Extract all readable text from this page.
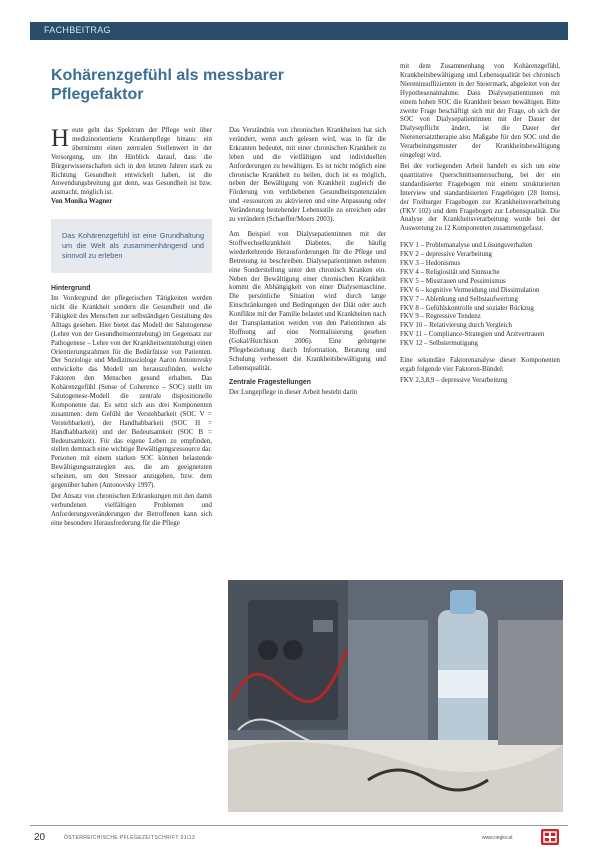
FACHBEITRAG
Kohärenzgefühl als messbarer Pflegefaktor

Heute geht das Spektrum der Pflege weit über medizinorientierte Krankenpflege hinaus: ein übernimmt einen zentralen Stellenwert in der Versorgung, um ihn Hinblick darauf, dass die Bürgerwissenschaften sich in den letzten Jahren stark zu Richtung Gesundheit entwickelt haben, ist die Anwendungsbreitung gut denn, was Gesundheit ist bzw. ausmacht, möglich ist.
Von Monika Wagner

Das Kohärenzgefühl ist eine Grundhaltung um die Welt als zusammenhängend und sinnvoll zu erleben
Hintergrund

Im Vordergrund der pflegerischen Tätigkeiten werden nicht die Krankheit sondern die Gesundheit und die Fähigkeit des Menschen zur selbständigen Gestaltung des Alltags gesehen. Hier bietet das Modell der Salutogenese (Lehre von der Gesundheitsentstehung) im Gegensatz zur Pathogenese – Lehre von der Krankheitsentstehung) einen Orientierungsrahmen für die Bedürfnisse von Patienten. Der Soziologe und Medizinsoziologe Aaron Antonovsky entwickelte das Modell um herauszufinden, welche Faktoren den Menschen gesund erhalten. Das Kohärenzgefühl (Sense of Coherence – SOC) stellt im Salutogenese-Modell die zentrale dispositionelle Komponente dar. Es setzt sich aus drei Komponenten zusammen: dem Gefühl der Verstehbarkeit (SOC V = Verstehbarkeit), der Handhabbarkeit (SOC H = Handhabbarkeit) und der Bedeutsamkeit (SOC B = Bedeutsamkeit). Für das eigene Leben zu empfinden, stellen demnach eine wichtige Bewältigungsressource dar. Personen mit einem starken SOC können belastende Bewältigungsstrategien aus, die am geeignetsten scheinen, um den Stressor anzugehen, bzw. dem gegenüber haben (Antonovsky 1997).

Der Ansatz von chronischen Erkrankungen mit den damit verbundenen vielfältigen Problemen und Anforderungsveränderungen der Betroffenen kann sich eine besondere Herausforderung für die Pflege

Das Verständnis von chronischen Krankheiten hat sich verändert, wenn auch gelesen wird, was in für die Erkranten bedeutet, mit einer chronischen Krankheit zu leben und die vielfältigen und individuellen Anforderungen zu bewältigen. Es ist nicht möglich eine chronische Krankheit zu heilen, doch ist es möglich, neben der Bewältigung von Krankheit zugleich die Förderung von verbliebenen Gesundheitspotenzialen und -ressourcen zu aktivieren und eine Anpassung oder Veränderung bestehender Lebensstile zu erreichen oder zu verändern (Schaeffer/Moers 2003).

Am Beispiel von Dialysepatientinnen mit der Stoffwechselkrankheit Diabetes, die häufig wiederkehrende Herausforderungen für die Pflege und Betreuung ist beschreiben. Dialysepatientinnen nehmen eine Sonderstellung unter den chronisch Kranken ein. Neben der Bewältigung einer chronischen Krankheit kommt die Abhängigkeit von einer Dialysemaschine. Die persönliche Situation wird durch lange Einschränkungen und Bedingungen der Diät oder auch Konflikte mit der Familie belastet und Krankheiten nach der Transplantation werden von den Patientinnen als Hoffnung auf eine Normalisierung gesehen (Gokal/Hutchison 2006). Eine gelungene Pflegebeziehung durch Information, Beratung und Schulung verbessert die Krankheitsbewältigung und Lebensqualität.

Zentrale Fragestellungen

Der Lungepflege in dieser Arbeit besteht darin

mit dem Zusammenhang von Kohärenzgefühl, Krankheitsbewältigung und Lebensqualität bei chronisch Niereninsuffizienten in der Steiermark, abgeleitet von der Hypothesenannahme. Dass Dialysepatientinnen mit einem hohen SOC die Krankheit besser bewältigen. Bitte zweite Frage beschäftigt sich mit der Frage, ob sich der SOC von Dialysepatientinnen mit der Dauer der Dialysepflicht ändert, ist die Dauer der Nierenersatztherapie also Maßgabe für den SOC und die Verarbeitungsmuster der Krankheitsbewältigung eingelegt wird.

Bei der vorliegenden Arbeit handelt es sich um eine quantitative Querschnittsuntersuchung, bei der ein standardisierter Fragebogen mit einem strukturierten Interview und standardisierten Fragebögen (28 Items), der Freiburger Fragebogen zur Krankheitsverarbeitung (FKV 102) und dem Fragebogen zur Lebensqualität. Die Analyse der Krankheitsverarbeitung wurde bei der Auswertung zu 12 Komponenten zusammengefasst.

FKV 1 – Problemanalyse und Lösungsverhalten
FKV 2 – depressive Verarbeitung
FKV 3 – Hedonismus
FKV 4 – Religiosität und Sinnsuche
FKV 5 – Misstrauen und Pessimismus
FKV 6 – kognitive Vermeidung und Dissimulation
FKV 7 – Ablenkung und Selbstaufwertung
FKV 8 – Gefühlskontrolle und sozialer Rückzug
FKV 9 – Regressive Tendenz
FKV 10 – Relativierung durch Vergleich
FKV 11 – Compliance-Strategien und Arztvertrauen
FKV 12 – Selbstermutigung

Eine sekundäre Faktorenanalyse dieser Komponenten ergab folgende vier Faktoren-Bündel:

FKV 2,3,8,9 – depressive Verarbeitung

20	ÖSTERREICHISCHE PFLEGEZEITSCHRIFT 01/13	www.oegkv.at
